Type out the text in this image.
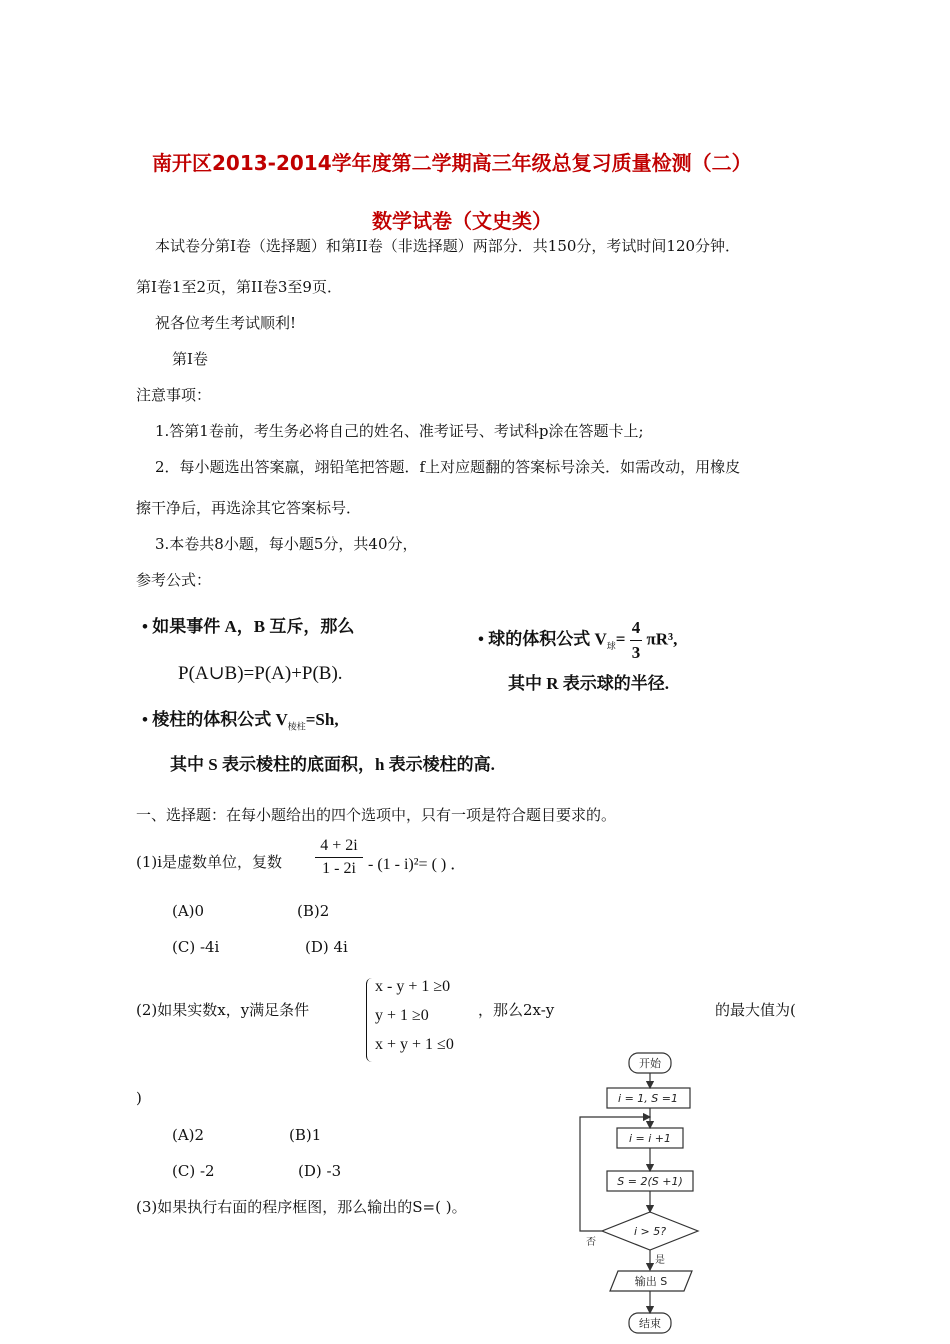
南开区2013-2014学年度第二学期高三年级总复习质量检测（二）
数学试卷（文史类）
本试卷分第Ⅰ卷（选择题）和第II卷（非选择题）两部分．共150分，考试时间120分钟．
第Ⅰ卷1至2页，第II卷3至9页．
祝各位考生考试顺利!
第Ⅰ卷
注意事项：
1.答第1卷前，考生务必将自己的姓名、准考证号、考试科p涂在答题卡上;
2．每小题选出答案羸，翊铅笔把答题．f上对应题翻的答案标号涂关．如需改动，用橡皮
擦干净后，再选涂其它答案标号．
3.本卷共8小题，每小题5分，共40分，
参考公式：
• 如果事件 A，B 互斥，那么
P(A∪B)=P(A)+P(B).
• 球的体积公式 $V_球= \frac{4}{3} \pi R^3$,
其中 R 表示球的半径.
• 棱柱的体积公式 $V_{棱柱}=Sh$,
其中 S 表示棱柱的底面积，h 表示棱柱的高.
一、选择题：在每小题给出的四个选项中，只有一项是符合题目要求的。
(1)i是虚数单位，复数 $\frac{4 + 2i}{1 - 2i} - (1 - i)^2=$ ( ) ．
(A)0	(B)2
(C) -4i	(D) 4i
(2)如果实数x，y满足条件
x - y + 1 ≥0
y + 1 ≥0
x + y + 1 ≤0
，那么2x-y	的最大值为(
)
(A)2	(B)1
(C) -2	(D) -3
(3)如果执行右面的程序框图，那么输出的S=( )。
开始
i = 1, S =1
i = i +1
S = 2(S +1)
i > 5?
是
否
输出 S
结束
